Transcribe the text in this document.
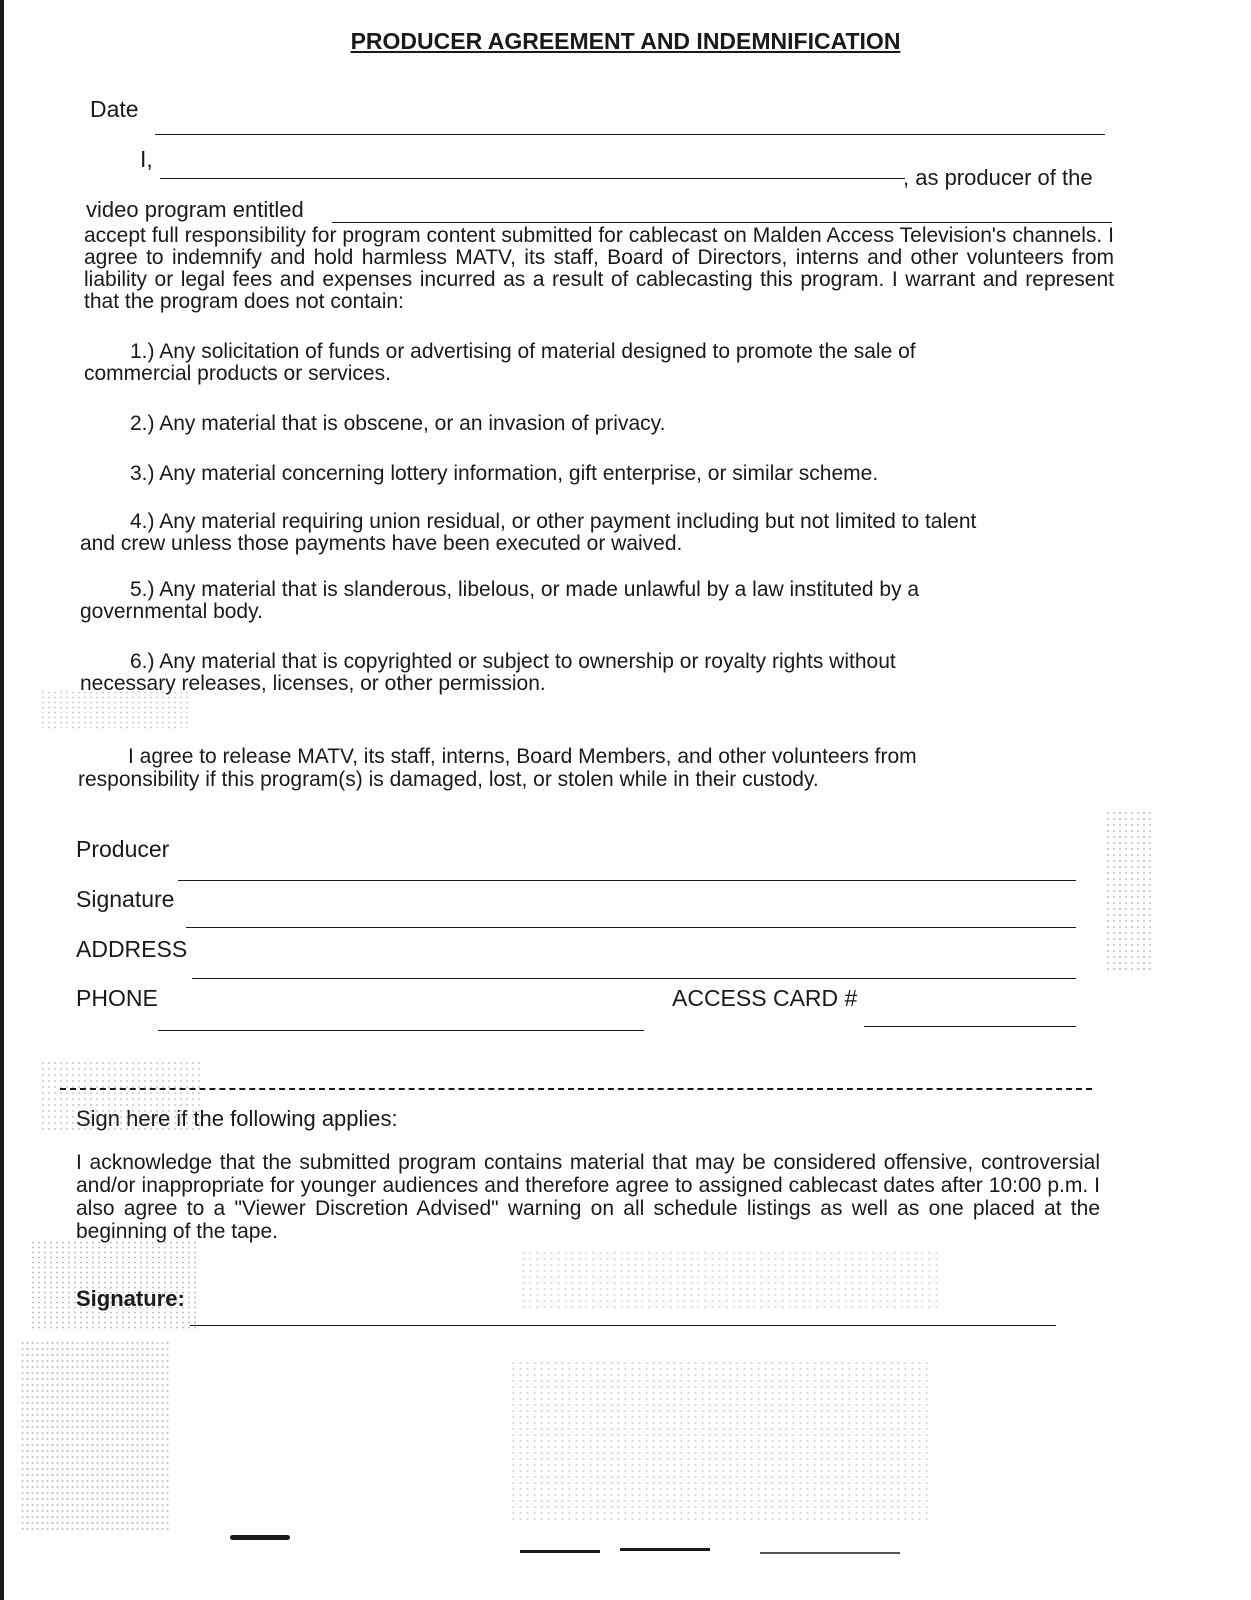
PRODUCER AGREEMENT AND INDEMNIFICATION
Date
I,
, as producer of the
video program entitled
accept full responsibility for program content submitted for cablecast on Malden Access Television's channels. I agree to indemnify and hold harmless MATV, its staff, Board of Directors, interns and other volunteers from liability or legal fees and expenses incurred as a result of cablecasting this program. I warrant and represent that the program does not contain:
1.) Any solicitation of funds or advertising of material designed to promote the sale of
commercial products or services.
2.) Any material that is obscene, or an invasion of privacy.
3.) Any material concerning lottery information, gift enterprise, or similar scheme.
4.) Any material requiring union residual, or other payment including but not limited to talent
and crew unless those payments have been executed or waived.
5.) Any material that is slanderous, libelous, or made unlawful by a law instituted by a
governmental body.
6.) Any material that is copyrighted or subject to ownership or royalty rights without
necessary releases, licenses, or other permission.
I agree to release MATV, its staff, interns, Board Members, and other volunteers from
responsibility if this program(s) is damaged, lost, or stolen while in their custody.
Producer
Signature
ADDRESS
PHONE	ACCESS CARD #
Sign here if the following applies:
I acknowledge that the submitted program contains material that may be considered offensive, controversial and/or inappropriate for younger audiences and therefore agree to assigned cablecast dates after 10:00 p.m. I also agree to a "Viewer Discretion Advised" warning on all schedule listings as well as one placed at the beginning of the tape.
Signature:
